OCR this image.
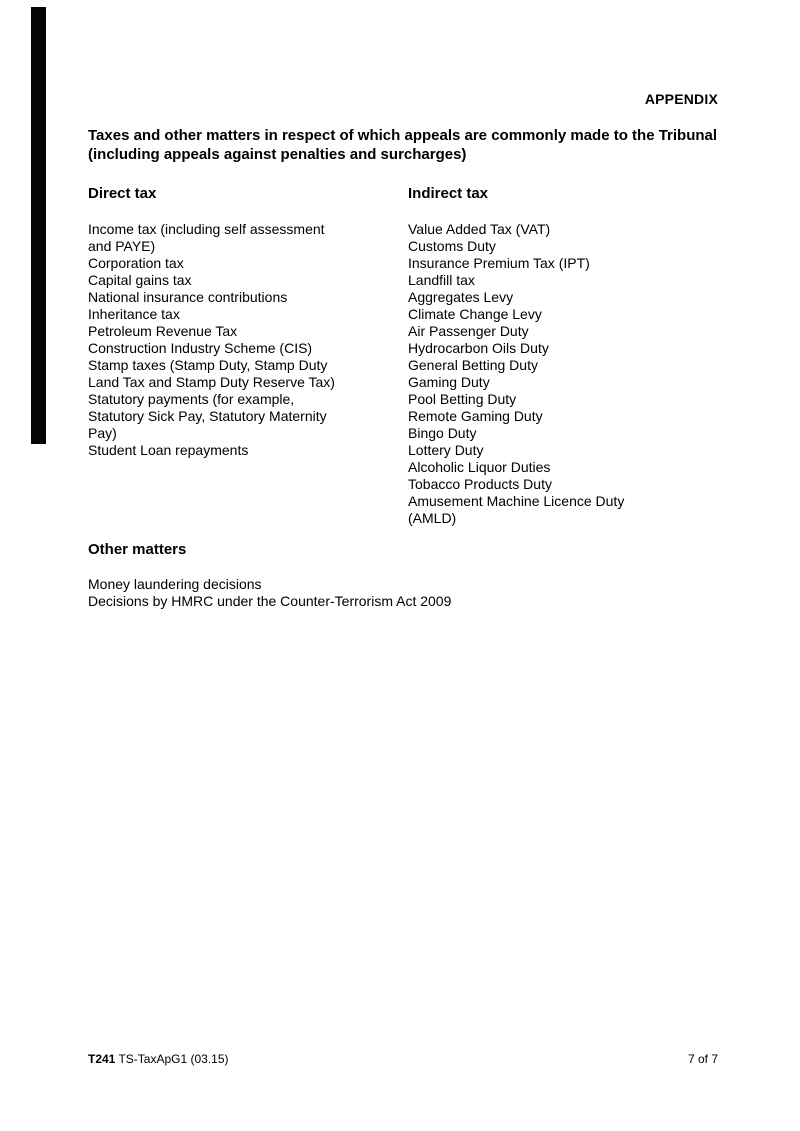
APPENDIX
Taxes and other matters in respect of which appeals are commonly made to the Tribunal (including appeals against penalties and surcharges)
Direct tax
Income tax (including self assessment
and PAYE)
Corporation tax
Capital gains tax
National insurance contributions
Inheritance tax
Petroleum Revenue Tax
Construction Industry Scheme (CIS)
Stamp taxes (Stamp Duty, Stamp Duty
Land Tax and Stamp Duty Reserve Tax)
Statutory payments (for example,
Statutory Sick Pay, Statutory Maternity
Pay)
Student Loan repayments
Indirect tax
Value Added Tax (VAT)
Customs Duty
Insurance Premium Tax (IPT)
Landfill tax
Aggregates Levy
Climate Change Levy
Air Passenger Duty
Hydrocarbon Oils Duty
General Betting Duty
Gaming Duty
Pool Betting Duty
Remote Gaming Duty
Bingo Duty
Lottery Duty
Alcoholic Liquor Duties
Tobacco Products Duty
Amusement Machine Licence Duty
(AMLD)
Other matters
Money laundering decisions
Decisions by HMRC under the Counter-Terrorism Act 2009
T241 TS-TaxApG1 (03.15)	7 of 7
